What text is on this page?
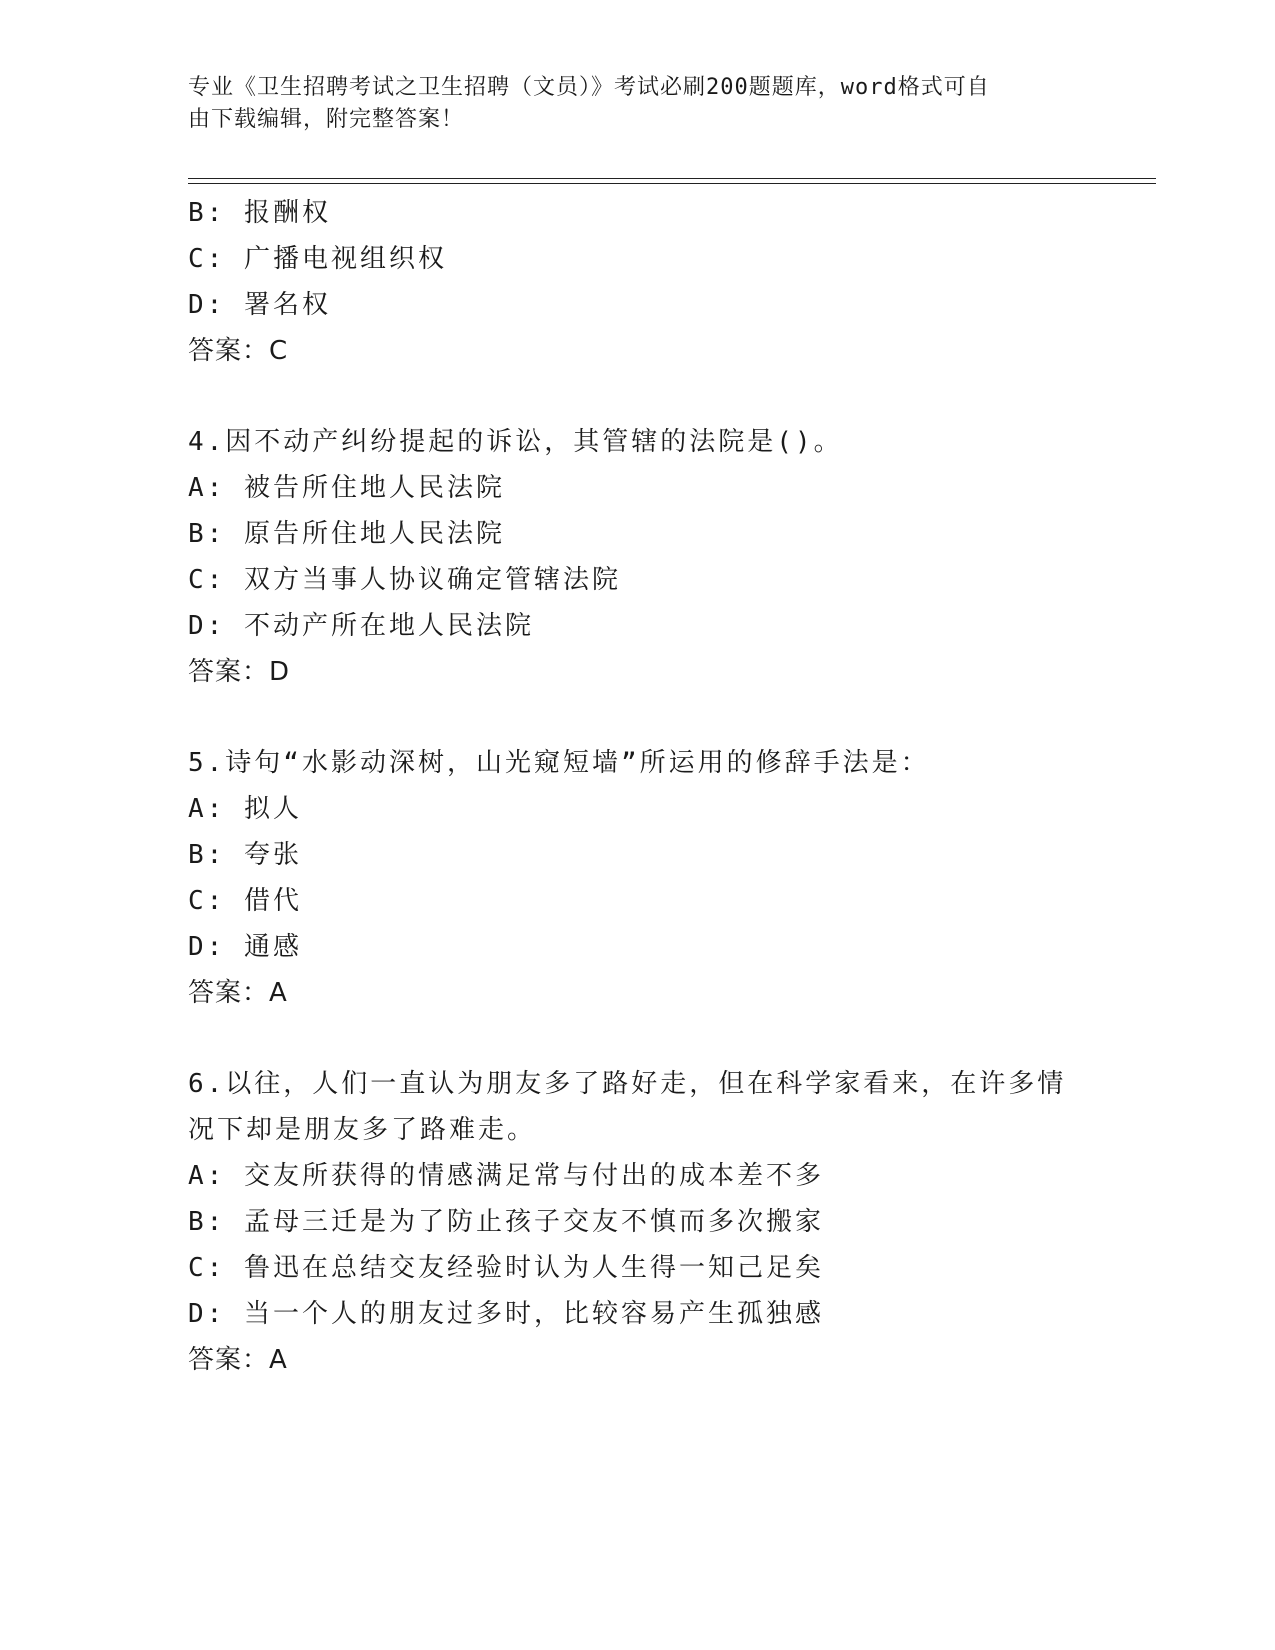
专业《卫生招聘考试之卫生招聘（文员）》考试必刷200题题库，word格式可自
由下载编辑，附完整答案！
B: 报酬权
C: 广播电视组织权
D: 署名权
答案：C
4.因不动产纠纷提起的诉讼，其管辖的法院是()。
A: 被告所住地人民法院
B: 原告所住地人民法院
C: 双方当事人协议确定管辖法院
D: 不动产所在地人民法院
答案：D
5.诗句“水影动深树，山光窥短墙”所运用的修辞手法是：
A: 拟人
B: 夸张
C: 借代
D: 通感
答案：A
6.以往，人们一直认为朋友多了路好走，但在科学家看来，在许多情
况下却是朋友多了路难走。
A: 交友所获得的情感满足常与付出的成本差不多
B: 孟母三迁是为了防止孩子交友不慎而多次搬家
C: 鲁迅在总结交友经验时认为人生得一知己足矣
D: 当一个人的朋友过多时，比较容易产生孤独感
答案：A
